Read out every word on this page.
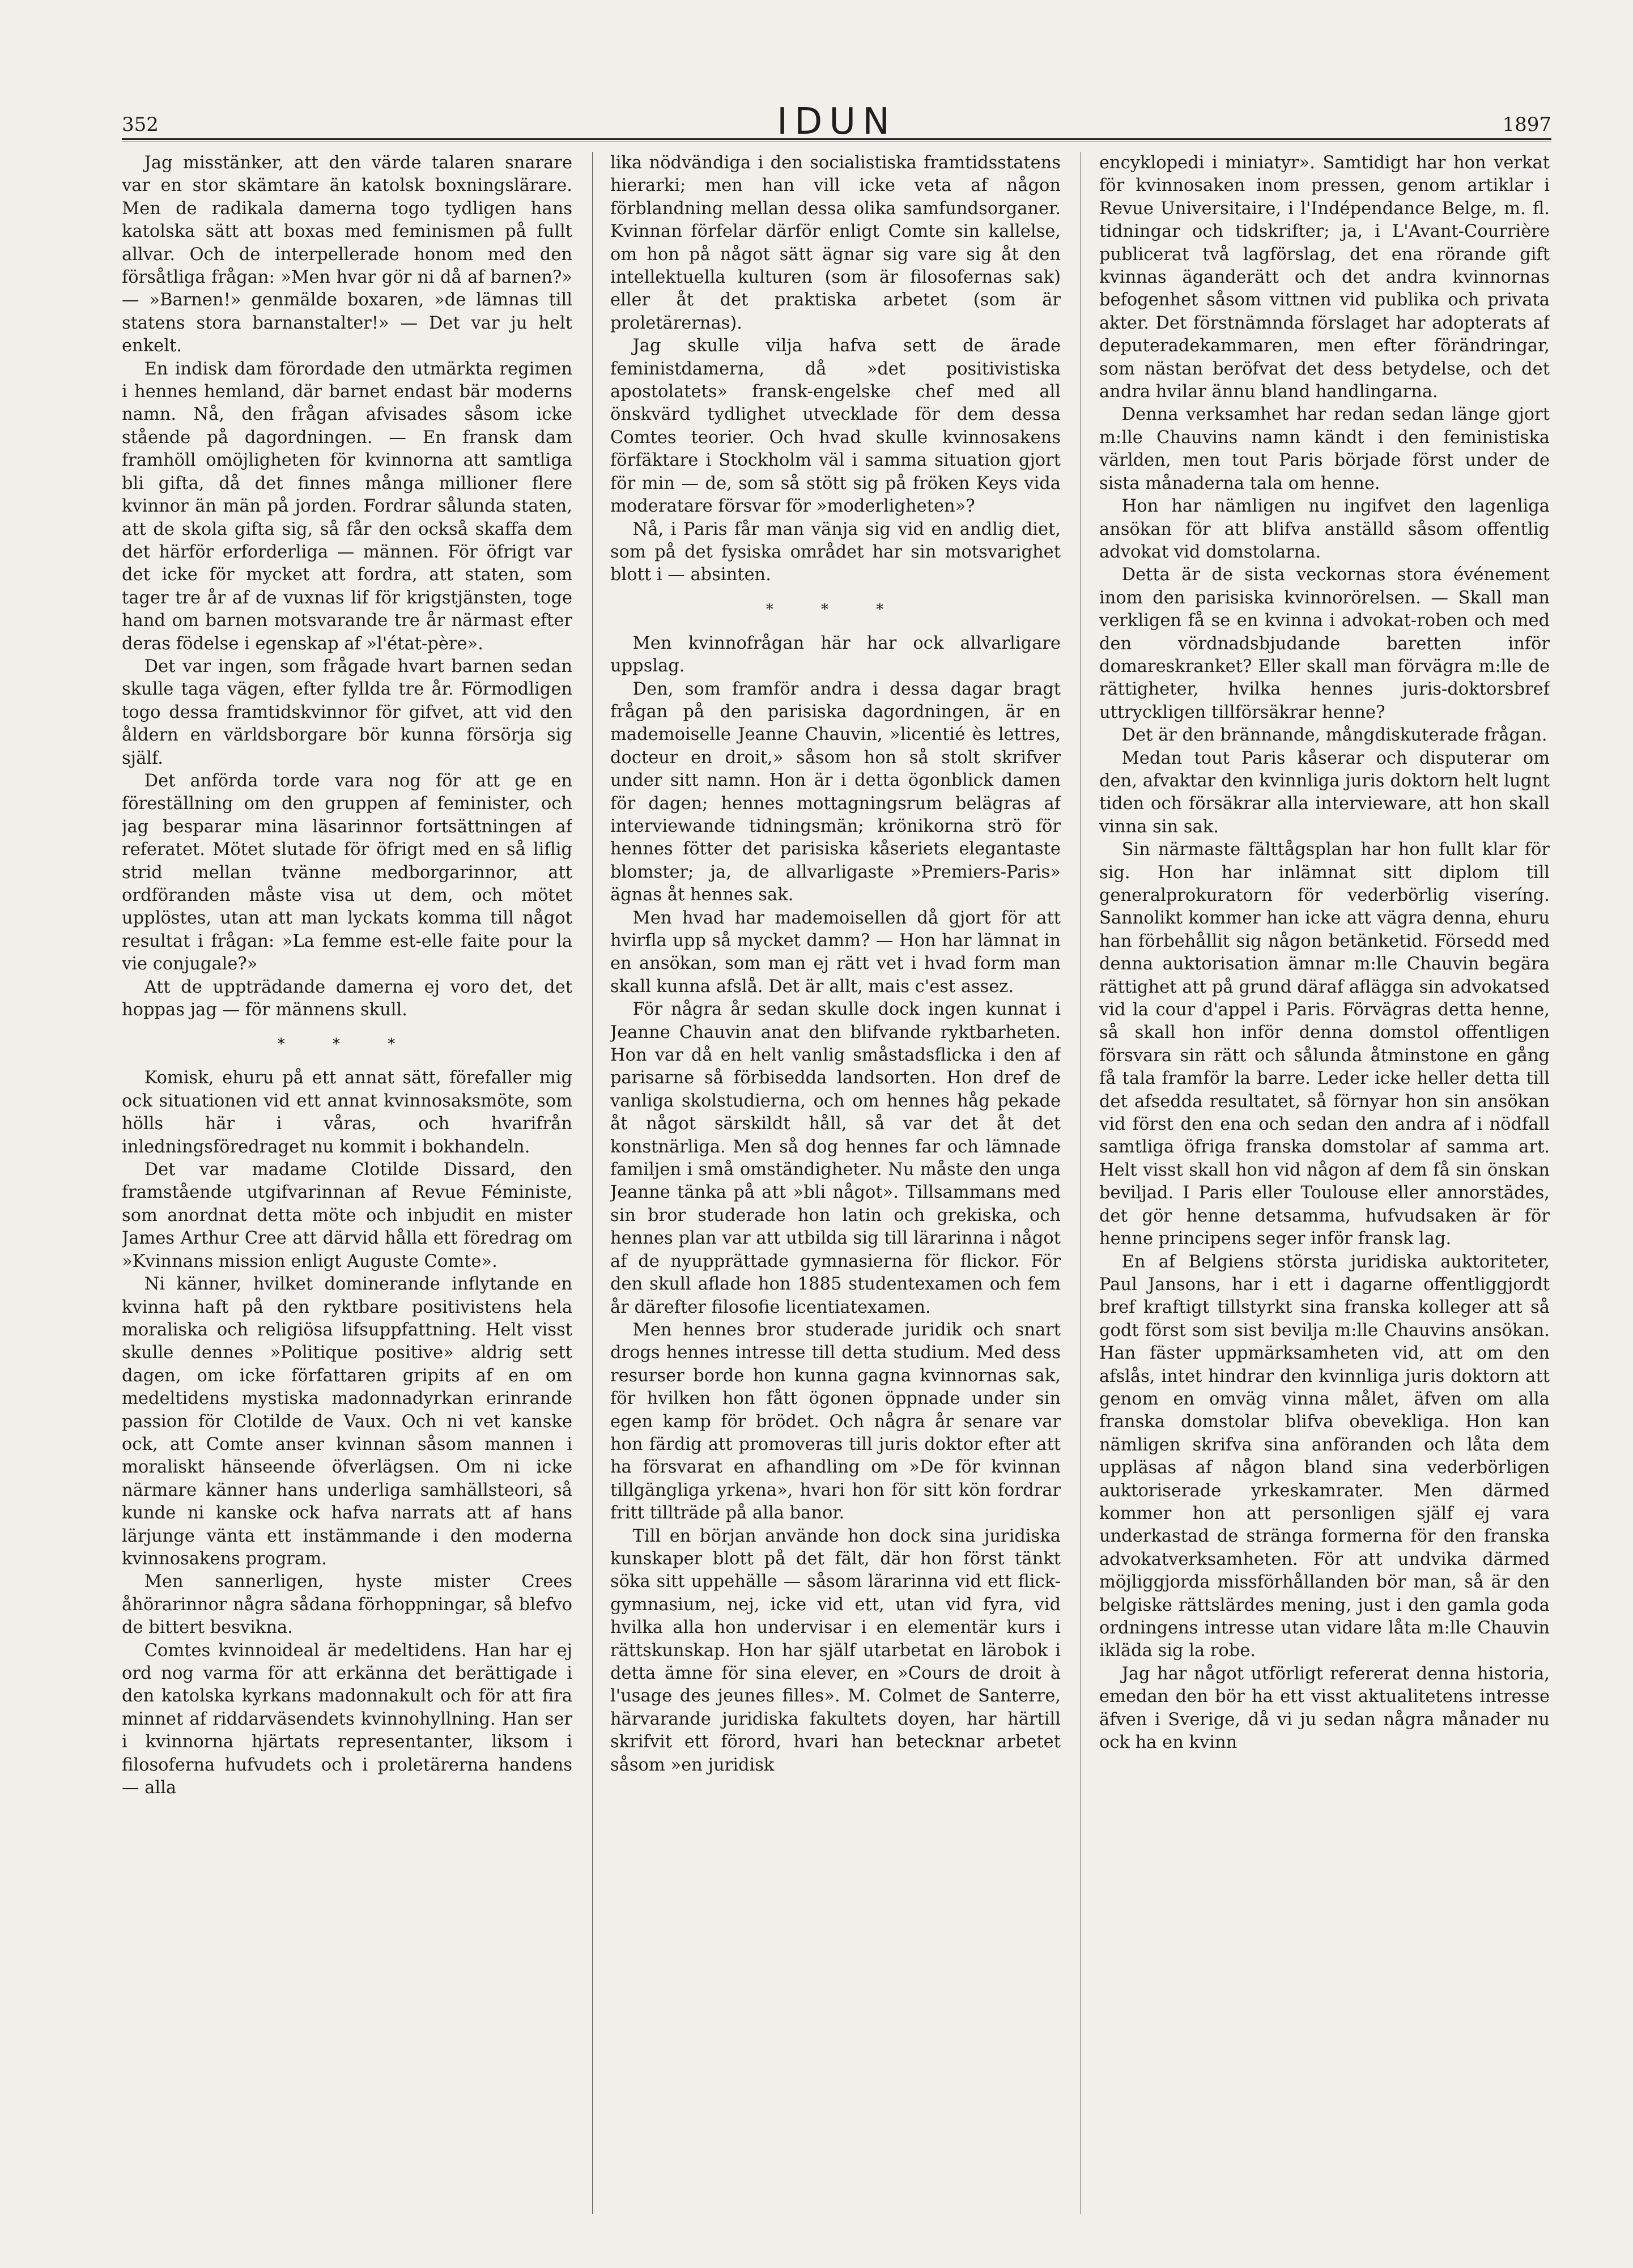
352	IDUN	1897

Jag misstänker, att den värde talaren snarare var en stor skämtare än katolsk boxningslärare. Men de radikala damerna togo tydligen hans katolska sätt att boxas med feminismen på fullt allvar. Och de interpellerade honom med den försåtliga frågan: »Men hvar gör ni då af barnen?» — »Barnen!» genmälde boxaren, »de lämnas till statens stora barnanstalter!» — Det var ju helt enkelt.

En indisk dam förordade den utmärkta regimen i hennes hemland, där barnet endast bär moderns namn. Nå, den frågan afvisades såsom icke stående på dagordningen. — En fransk dam framhöll omöjligheten för kvinnorna att samtliga bli gifta, då det finnes många millioner flere kvinnor än män på jorden. Fordrar sålunda staten, att de skola gifta sig, så får den också skaffa dem det härför erforderliga — männen. För öfrigt var det icke för mycket att fordra, att staten, som tager tre år af de vuxnas lif för krigstjänsten, toge hand om barnen motsvarande tre år närmast efter deras födelse i egenskap af »l'état-père».

Det var ingen, som frågade hvart barnen sedan skulle taga vägen, efter fyllda tre år. Förmodligen togo dessa framtidskvinnor för gifvet, att vid den åldern en världsborgare bör kunna försörja sig själf.

Det anförda torde vara nog för att ge en föreställning om den gruppen af feminister, och jag besparar mina läsarinnor fortsättningen af referatet. Mötet slutade för öfrigt med en så liflig strid mellan tvänne medborgarinnor, att ordföranden måste visa ut dem, och mötet upplöstes, utan att man lyckats komma till något resultat i frågan: »La femme est-elle faite pour la vie conjugale?»

Att de uppträdande damerna ej voro det, det hoppas jag — för männens skull.

* * *

Komisk, ehuru på ett annat sätt, förefaller mig ock situationen vid ett annat kvinnosaksmöte, som hölls här i våras, och hvarifrån inledningsföredraget nu kommit i bokhandeln.

Det var madame Clotilde Dissard, den framstående utgifvarinnan af Revue Féministe, som anordnat detta möte och inbjudit en mister James Arthur Cree att därvid hålla ett föredrag om »Kvinnans mission enligt Auguste Comte».

Ni känner, hvilket dominerande inflytande en kvinna haft på den ryktbare positivistens hela moraliska och religiösa lifsuppfattning. Helt visst skulle dennes »Politique positive» aldrig sett dagen, om icke författaren gripits af en om medeltidens mystiska madonnadyrkan erinrande passion för Clotilde de Vaux. Och ni vet kanske ock, att Comte anser kvinnan såsom mannen i moraliskt hänseende öfverlägsen. Om ni icke närmare känner hans underliga samhällsteori, så kunde ni kanske ock hafva narrats att af hans lärjunge vänta ett instämmande i den moderna kvinnosakens program.

Men sannerligen, hyste mister Crees åhörarinnor några sådana förhoppningar, så blefvo de bittert besvikna.

Comtes kvinnoideal är medeltidens. Han har ej ord nog varma för att erkänna det berättigade i den katolska kyrkans madonnakult och för att fira minnet af riddarväsendets kvinnohyllning. Han ser i kvinnorna hjärtats representanter, liksom i filosoferna hufvudets och i proletärerna handens — alla

lika nödvändiga i den socialistiska framtidsstatens hierarki; men han vill icke veta af någon förblandning mellan dessa olika samfundsorganer. Kvinnan förfelar därför enligt Comte sin kallelse, om hon på något sätt ägnar sig vare sig åt den intellektuella kulturen (som är filosofernas sak) eller åt det praktiska arbetet (som är proletärernas).

Jag skulle vilja hafva sett de ärade feministdamerna, då »det positivistiska apostolatets» fransk-engelske chef med all önskvärd tydlighet utvecklade för dem dessa Comtes teorier. Och hvad skulle kvinnosakens förfäktare i Stockholm väl i samma situation gjort för min — de, som så stött sig på fröken Keys vida moderatare försvar för »moderligheten»?

Nå, i Paris får man vänja sig vid en andlig diet, som på det fysiska området har sin motsvarighet blott i — absinten.

* * *

Men kvinnofrågan här har ock allvarligare uppslag.

Den, som framför andra i dessa dagar bragt frågan på den parisiska dagordningen, är en mademoiselle Jeanne Chauvin, »licentié ès lettres, docteur en droit,» såsom hon så stolt skrifver under sitt namn. Hon är i detta ögonblick damen för dagen; hennes mottagningsrum belägras af interviewande tidningsmän; krönikorna strö för hennes fötter det parisiska kåseriets elegantaste blomster; ja, de allvarligaste »Premiers-Paris» ägnas åt hennes sak.

Men hvad har mademoisellen då gjort för att hvirfla upp så mycket damm? — Hon har lämnat in en ansökan, som man ej rätt vet i hvad form man skall kunna afslå. Det är allt, mais c'est assez.

För några år sedan skulle dock ingen kunnat i Jeanne Chauvin anat den blifvande ryktbarheten. Hon var då en helt vanlig småstadsflicka i den af parisarne så förbisedda landsorten. Hon dref de vanliga skolstudierna, och om hennes håg pekade åt något särskildt håll, så var det åt det konstnärliga. Men så dog hennes far och lämnade familjen i små omständigheter. Nu måste den unga Jeanne tänka på att »bli något». Tillsammans med sin bror studerade hon latin och grekiska, och hennes plan var att utbilda sig till lärarinna i något af de nyupprättade gymnasierna för flickor. För den skull aflade hon 1885 studentexamen och fem år därefter filosofie licentiatexamen.

Men hennes bror studerade juridik och snart drogs hennes intresse till detta studium. Med dess resurser borde hon kunna gagna kvinnornas sak, för hvilken hon fått ögonen öppnade under sin egen kamp för brödet. Och några år senare var hon färdig att promoveras till juris doktor efter att ha försvarat en afhandling om »De för kvinnan tillgängliga yrkena», hvari hon för sitt kön fordrar fritt tillträde på alla banor.

Till en början använde hon dock sina juridiska kunskaper blott på det fält, där hon först tänkt söka sitt uppehälle — såsom lärarinna vid ett flick-gymnasium, nej, icke vid ett, utan vid fyra, vid hvilka alla hon undervisar i en elementär kurs i rättskunskap. Hon har själf utarbetat en lärobok i detta ämne för sina elever, en »Cours de droit à l'usage des jeunes filles». M. Colmet de Santerre, härvarande juridiska fakultets doyen, har härtill skrifvit ett förord, hvari han betecknar arbetet såsom »en juridisk

encyklopedi i miniatyr». Samtidigt har hon verkat för kvinnosaken inom pressen, genom artiklar i Revue Universitaire, i l'Indépendance Belge, m. fl. tidningar och tidskrifter; ja, i L'Avant-Courrière publicerat två lagförslag, det ena rörande gift kvinnas äganderätt och det andra kvinnornas befogenhet såsom vittnen vid publika och privata akter. Det förstnämnda förslaget har adopterats af deputeradekammaren, men efter förändringar, som nästan beröfvat det dess betydelse, och det andra hvilar ännu bland handlingarna.

Denna verksamhet har redan sedan länge gjort m:lle Chauvins namn kändt i den feministiska världen, men tout Paris började först under de sista månaderna tala om henne.

Hon har nämligen nu ingifvet den lagenliga ansökan för att blifva anställd såsom offentlig advokat vid domstolarna.

Detta är de sista veckornas stora événement inom den parisiska kvinnorörelsen. — Skall man verkligen få se en kvinna i advokat-roben och med den vördnadsbjudande baretten inför domareskranket? Eller skall man förvägra m:lle de rättigheter, hvilka hennes juris-doktorsbref uttryckligen tillförsäkrar henne?

Det är den brännande, mångdiskuterade frågan.

Medan tout Paris kåserar och disputerar om den, afvaktar den kvinnliga juris doktorn helt lugnt tiden och försäkrar alla intervieware, att hon skall vinna sin sak.

Sin närmaste fälttågsplan har hon fullt klar för sig. Hon har inlämnat sitt diplom till generalprokuratorn för vederbörlig viseríng. Sannolikt kommer han icke att vägra denna, ehuru han förbehållit sig någon betänketid. Försedd med denna auktorisation ämnar m:lle Chauvin begära rättighet att på grund däraf aflägga sin advokatsed vid la cour d'appel i Paris. Förvägras detta henne, så skall hon inför denna domstol offentligen försvara sin rätt och sålunda åtminstone en gång få tala framför la barre. Leder icke heller detta till det afsedda resultatet, så förnyar hon sin ansökan vid först den ena och sedan den andra af i nödfall samtliga öfriga franska domstolar af samma art. Helt visst skall hon vid någon af dem få sin önskan beviljad. I Paris eller Toulouse eller annorstädes, det gör henne detsamma, hufvudsaken är för henne principens seger inför fransk lag.

En af Belgiens största juridiska auktoriteter, Paul Jansons, har i ett i dagarne offentliggjordt bref kraftigt tillstyrkt sina franska kolleger att så godt först som sist bevilja m:lle Chauvins ansökan. Han fäster uppmärksamheten vid, att om den afslås, intet hindrar den kvinnliga juris doktorn att genom en omväg vinna målet, äfven om alla franska domstolar blifva obevekliga. Hon kan nämligen skrifva sina anföranden och låta dem uppläsas af någon bland sina vederbörligen auktoriserade yrkeskamrater. Men därmed kommer hon att personligen själf ej vara underkastad de stränga formerna för den franska advokatverksamheten. För att undvika därmed möjliggjorda missförhållanden bör man, så är den belgiske rättslärdes mening, just i den gamla goda ordningens intresse utan vidare låta m:lle Chauvin ikläda sig la robe.

Jag har något utförligt refererat denna historia, emedan den bör ha ett visst aktualitetens intresse äfven i Sverige, då vi ju sedan några månader nu ock ha en kvinn
